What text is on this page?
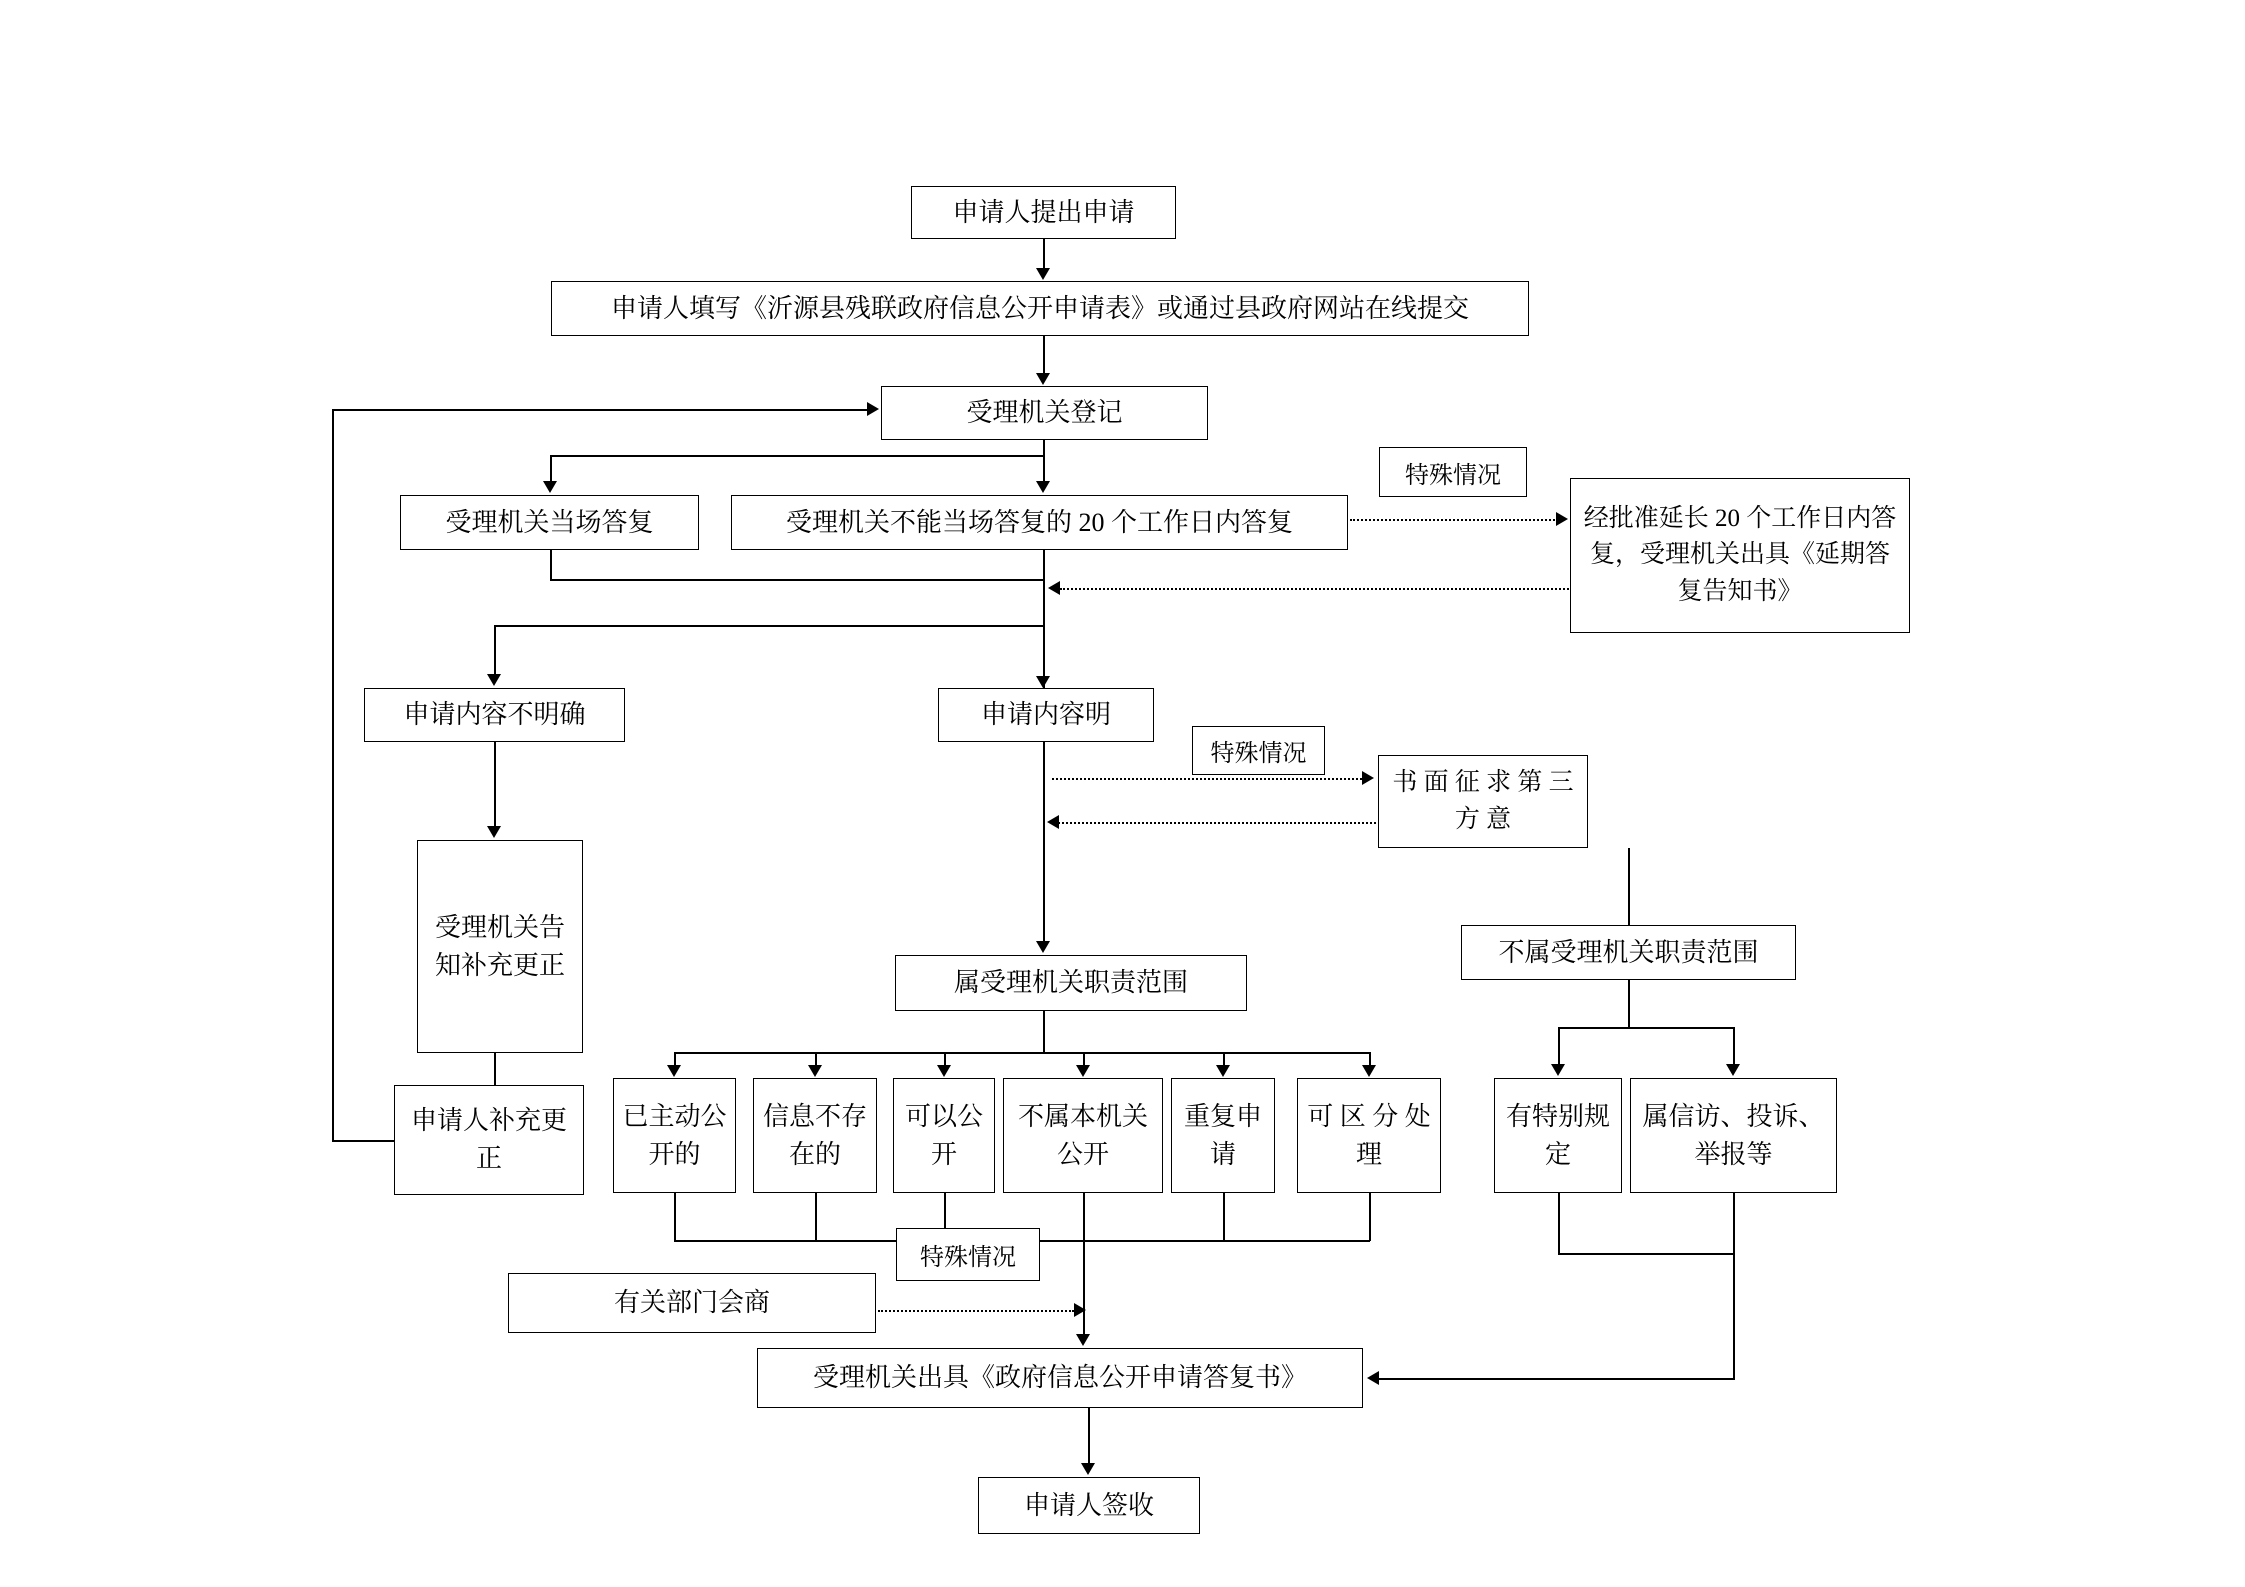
申请人提出申请
申请人填写《沂源县残联政府信息公开申请表》或通过县政府网站在线提交
受理机关登记
受理机关当场答复	受理机关不能当场答复的 20 个工作日内答复
特殊情况
经批准延长 20 个工作日内答复，受理机关出具《延期答复告知书》
申请内容不明确	申请内容明
特殊情况
书 面 征 求 第 三 方 意
受理机关告知补充更正
属受理机关职责范围
不属受理机关职责范围
申请人补充更正
已主动公开的
信息不存在的
可以公开
不属本机关公开
重复申请
可 区 分 处 理
有特别规定
属信访、投诉、举报等
特殊情况
有关部门会商
受理机关出具《政府信息公开申请答复书》
申请人签收
